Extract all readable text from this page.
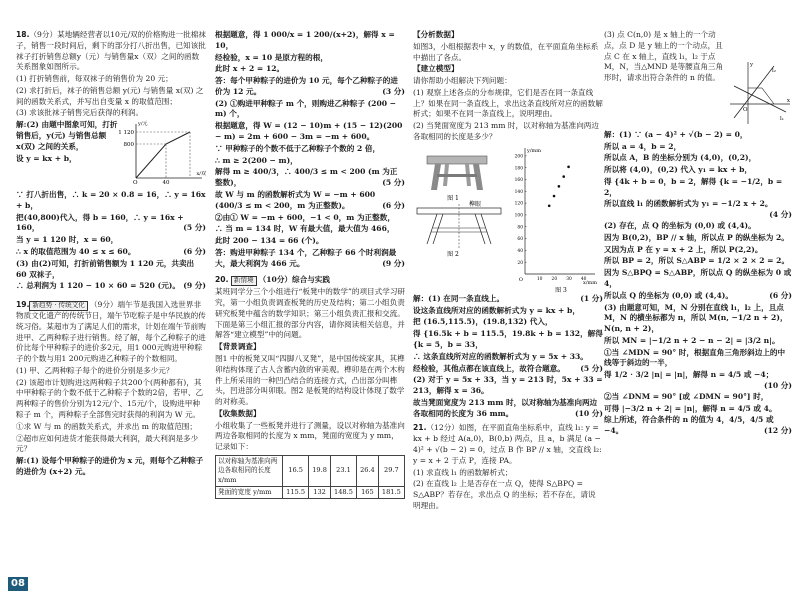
18.（9分）某地辆经营者以10元/双的价格购进一批棉袜子，销售一段时间后，剩下的部分打八折出售，已知该批袜子打折销售总额y（元）与销售量x（双）之间的函数关系图象如图所示。

(1) 打折销售前，每双袜子的销售价为 20 元；

(2) 求打折后，袜子的销售总额 y(元) 与销售量 x(双) 之间的函数关系式，并写出自变量 x 的取值范围；

(3) 求该批袜子销售完后获得的利润。

1 120
800
40
O
x/双
y/元

解:(2) 由题中图象可知，打折销售后，y(元) 与销售总额 x(双) 之间的关系，

设 y = kx + b，

∵ 打八折出售，∴ k = 20 × 0.8 = 16，∴ y = 16x + b，

把(40,800)代入，得 b = 160，∴ y = 16x + 160，	(5 分)

当 y = 1 120 时，x = 60，

∴ x 的取值范围为 40 ≤ x ≤ 60。	(6 分)

(3) 由(2)可知，打折前销售额为 1 120 元，共卖出 60 双袜子，

∴ 总利润为 1 120 − 10 × 60 = 520 (元)。 (9 分)

19. 新趋势 · 传统文化 （9分）端午节是我国入选世界非物质文化遗产的传统节日，端午节吃粽子是中华民族的传统习俗。某超市为了满足人们的需求，计划在端午节前购进甲、乙两种粽子进行销售。经了解，每个乙种粽子的进价比每个甲种粽子的进价多2元，用1 000元购进甲种粽子的个数与用1 200元购进乙种粽子的个数相同。

(1) 甲、乙两种粽子每个的进价分别是多少元？

(2) 该超市计划购进这两种粽子共200个(两种都有)，其中甲种粽子的个数不低于乙种粽子个数的2倍，若甲、乙两种粽子的售价分别为12元/个、15元/个，设购进甲种粽子 m 个，两种粽子全部售完时获得的利润为 W 元。

①求 W 与 m 的函数关系式，并求出 m 的取值范围；

②超市应如何进货才能获得最大利润，最大利润是多少元？

解:(1) 设每个甲种粽子的进价为 x 元，则每个乙种粽子的进价为 (x+2) 元。

根据题意，得 1 000/x = 1 200/(x+2)，解得 x = 10，

经检验，x = 10 是原方程的根，

此时 x + 2 = 12。

答：每个甲种粽子的进价为 10 元，每个乙种粽子的进价为 12 元。	(3 分)

(2) ①购进甲种粽子 m 个，则购进乙种粽子 (200 − m) 个，

根据题意，得 W = (12 − 10)m + (15 − 12)(200 − m) = 2m + 600 − 3m = −m + 600。

∵ 甲种粽子的个数不低于乙种粽子个数的 2 倍，

∴ m ≥ 2(200 − m)，

解得 m ≥ 400/3，∴ 400/3 ≤ m < 200 (m 为正整数)，	(5 分)

故 W 与 m 的函数解析式为 W = −m + 600 (400/3 ≤ m < 200，m 为正整数)。	(6 分)

②由① W = −m + 600，−1 < 0，m 为正整数，

∴ 当 m = 134 时，W 有最大值，最大值为 466，

此时 200 − 134 = 66 (个)。

答：购进甲种粽子 134 个，乙种粽子 66 个时利润最大，最大利润为 466 元。	(9 分)

20. 新情境 （10分）综合与实践

某班同学分三个小组进行“板凳中的数学”的项目式学习研究，第一小组负责调查板凳的历史及结构；第二小组负责研究板凳中蕴含的数学知识；第三小组负责汇报和交流。下面是第三小组汇报的部分内容，请你阅读相关信息，并解答“建立模型”中的问题。

【背景调查】

图1 中的板凳又叫“四脚八叉凳”，是中国传统家具，其榫卯结构体现了古人含蓄内敛的审美观。榫卯是在两个木构件上所采用的一种凹凸结合的连接方式，凸出部分叫榫头，凹进部分叫卯眼。图2 是板凳的结构设计体现了数学的对称美。

【收集数据】

小组收集了一些板凳并进行了测量，设以对称轴为基准向两边各取相同的长度为 x mm，凳面的宽度为 y mm，记录如下：

以对称轴为基准向两边各取相同的长度 x/mm	16.5	19.8	23.1	26.4	29.7
凳面的宽度 y/mm	115.5	132	148.5	165	181.5

【分析数据】

如图3，小组根据表中 x，y 的数值，在平面直角坐标系中描出了各点。

【建立模型】

请你帮助小组解决下列问题：

(1) 观察上述各点的分布规律，它们是否在同一条直线上？如果在同一条直线上，求出这条直线所对应的函数解析式；如果不在同一条直线上，说明理由。

(2) 当凳面宽度为 213 mm 时，以对称轴为基准向两边各取相同的长度是多少？

图 1
榫眼
图 2
y/mm
x/mm
O
20
40
60
80
100
120
140
160
180
200
10 20 30 40
图 3

解：(1) 在同一条直线上。	(1 分)

设这条直线所对应的函数解析式为 y = kx + b，

把 (16.5,115.5)，(19.8,132) 代入，

得 {16.5k + b = 115.5，19.8k + b = 132，解得 {k = 5，b = 33，

∴ 这条直线所对应的函数解析式为 y = 5x + 33。

经检验，其他点都在该直线上，故符合题意。 (5 分)

(2) 对于 y = 5x + 33，当 y = 213 时，5x + 33 = 213，解得 x = 36。

故当凳面宽度为 213 mm 时，以对称轴为基准向两边各取相同的长度为 36 mm。	(10 分)

21.（12分）如图，在平面直角坐标系中，直线 l₁: y = kx + b 经过 A(a,0)，B(0,b) 两点，且 a，b 满足 (a − 4)² + √(b − 2) = 0，过点 B 作 BP // x 轴，交直线 l₂: y = x + 2 于点 P，连接 PA。

(1) 求直线 l₁ 的函数解析式；

(2) 在直线 l₂ 上是否存在一点 Q，使得 S△BPQ = S△ABP？若存在，求出点 Q 的坐标；若不存在，请说明理由。

y
x
O
l₁
l₂

(3) 点 C(n,0) 是 x 轴上的一个动点，点 D 是 y 轴上的一个动点，且点 C 在 x 轴上，直线 l₁，l₂ 于点 M，N，当△MND 是等腰直角三角形时，请求出符合条件的 n 的值。

解：(1) ∵ (a − 4)² + √(b − 2) = 0，

所以 a = 4，b = 2，

所以点 A，B 的坐标分别为 (4,0)，(0,2)，

所以将 (4,0)，(0,2) 代入 y₁ = kx + b，

得 {4k + b = 0，b = 2，解得 {k = −1/2，b = 2，

所以直线 l₁ 的函数解析式为 y₁ = −1/2 x + 2。
(4 分)

(2) 存在，点 Q 的坐标为 (0,0) 或 (4,4)。

因为 B(0,2)，BP // x 轴，所以点 P 的纵坐标为 2。

又因为点 P 在 y = x + 2 上，所以 P(2,2)。

所以 BP = 2，所以 S△ABP = 1/2 × 2 × 2 = 2。

因为 S△BPQ = S△ABP，所以点 Q 的纵坐标为 0 或 4，

所以点 Q 的坐标为 (0,0) 或 (4,4)。	(6 分)

(3) 由题意可知，M，N 分别在直线 l₁，l₂ 上，且点 M，N 的横坐标都为 n，所以 M(n, −1/2 n + 2)，N(n, n + 2)，

所以 MN = |−1/2 n + 2 − n − 2| = |3/2 n|。

①当 ∠MDN = 90° 时，根据直角三角形斜边上的中线等于斜边的一半，

得 1/2 · 3/2 |n| = |n|，解得 n = 4/5 或 −4；
(10 分)

②当 ∠DNM = 90° [或 ∠DMN = 90°] 时，

可得 |−3/2 n + 2| = |n|，解得 n = 4/5 或 4。

综上所述，符合条件的 n 的值为 4，4/5，4/5 或 −4。	(12 分)

08
